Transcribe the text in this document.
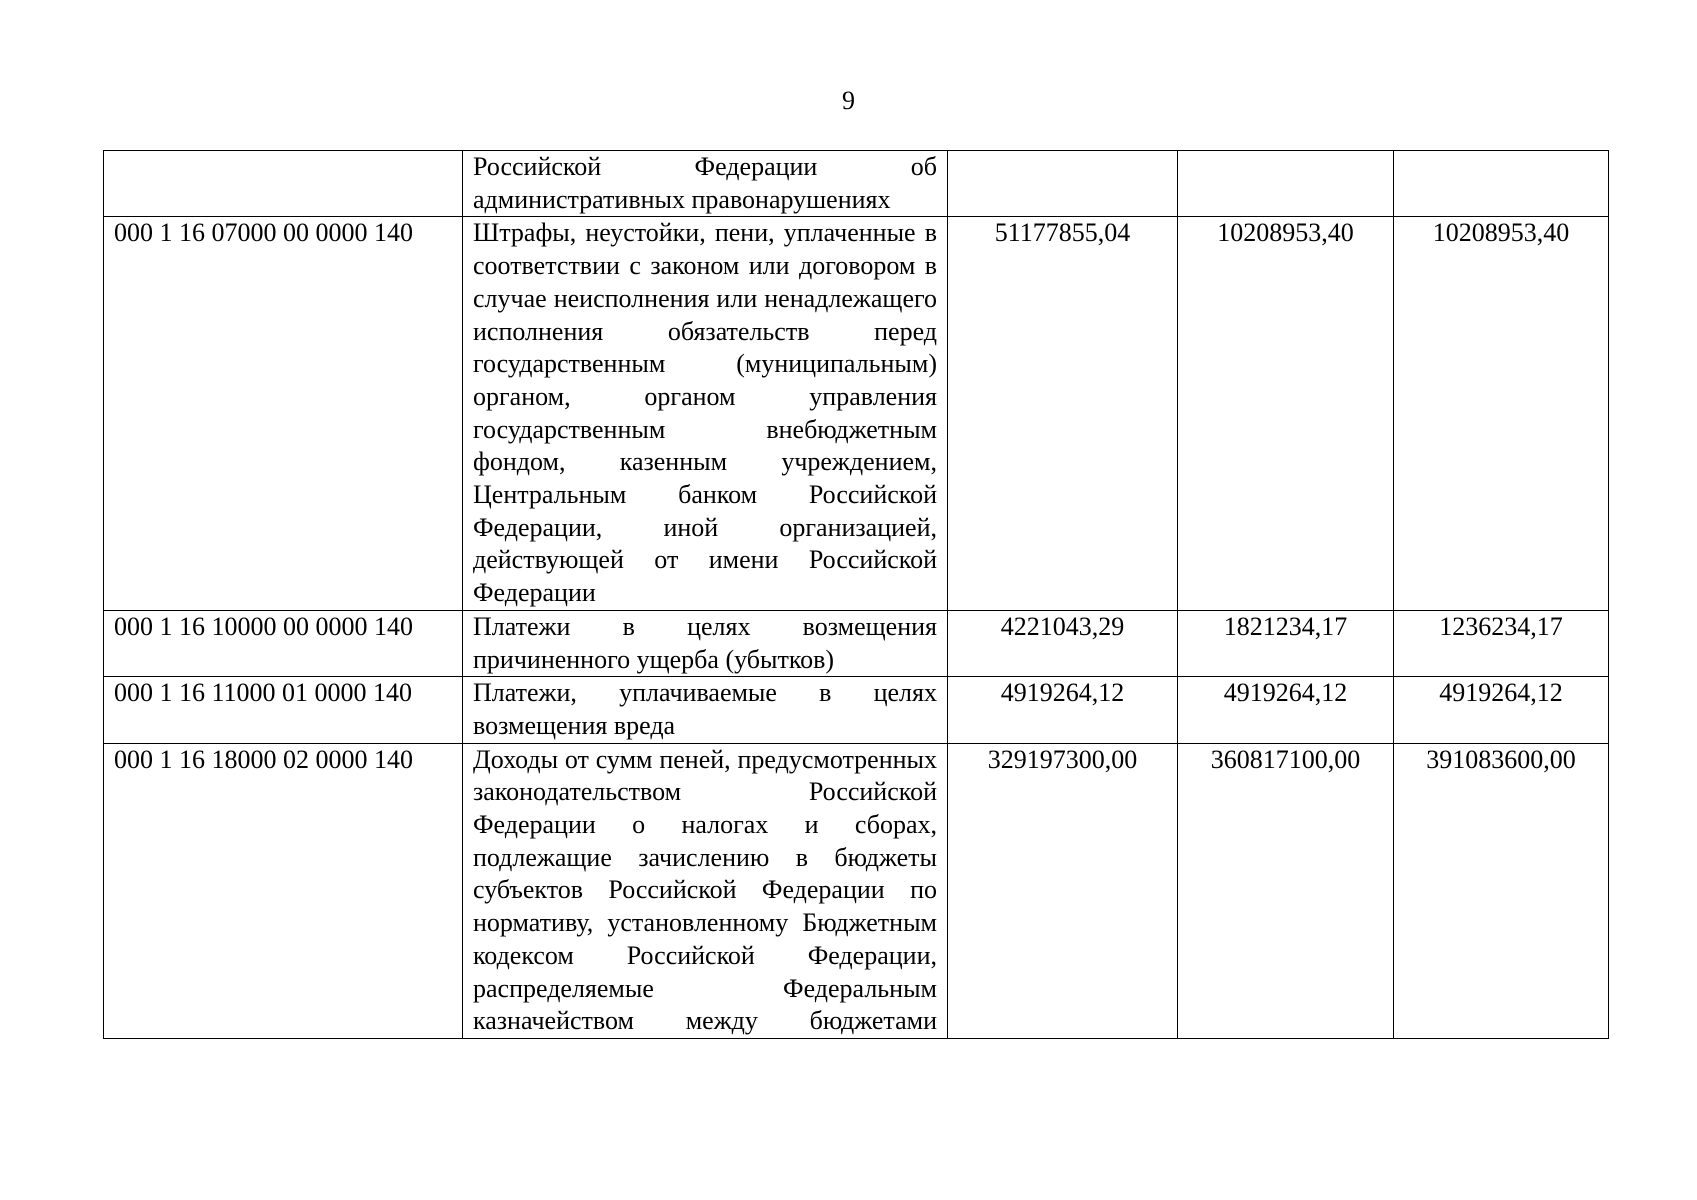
9
	Российской Федерации об административных правонарушениях			
000 1 16 07000 00 0000 140	Штрафы, неустойки, пени, уплаченные в соответствии с законом или договором в случае неисполнения или ненадлежащего исполнения обязательств перед государственным (муниципальным) органом, органом управления государственным внебюджетным фондом, казенным учреждением, Центральным банком Российской Федерации, иной организацией, действующей от имени Российской Федерации	51177855,04	10208953,40	10208953,40
000 1 16 10000 00 0000 140	Платежи в целях возмещения причиненного ущерба (убытков)	4221043,29	1821234,17	1236234,17
000 1 16 11000 01 0000 140	Платежи, уплачиваемые в целях возмещения вреда	4919264,12	4919264,12	4919264,12
000 1 16 18000 02 0000 140	Доходы от сумм пеней, предусмотренных законодательством Российской Федерации о налогах и сборах, подлежащие зачислению в бюджеты субъектов Российской Федерации по нормативу, установленному Бюджетным кодексом Российской Федерации, распределяемые Федеральным казначейством между бюджетами	329197300,00	360817100,00	391083600,00
